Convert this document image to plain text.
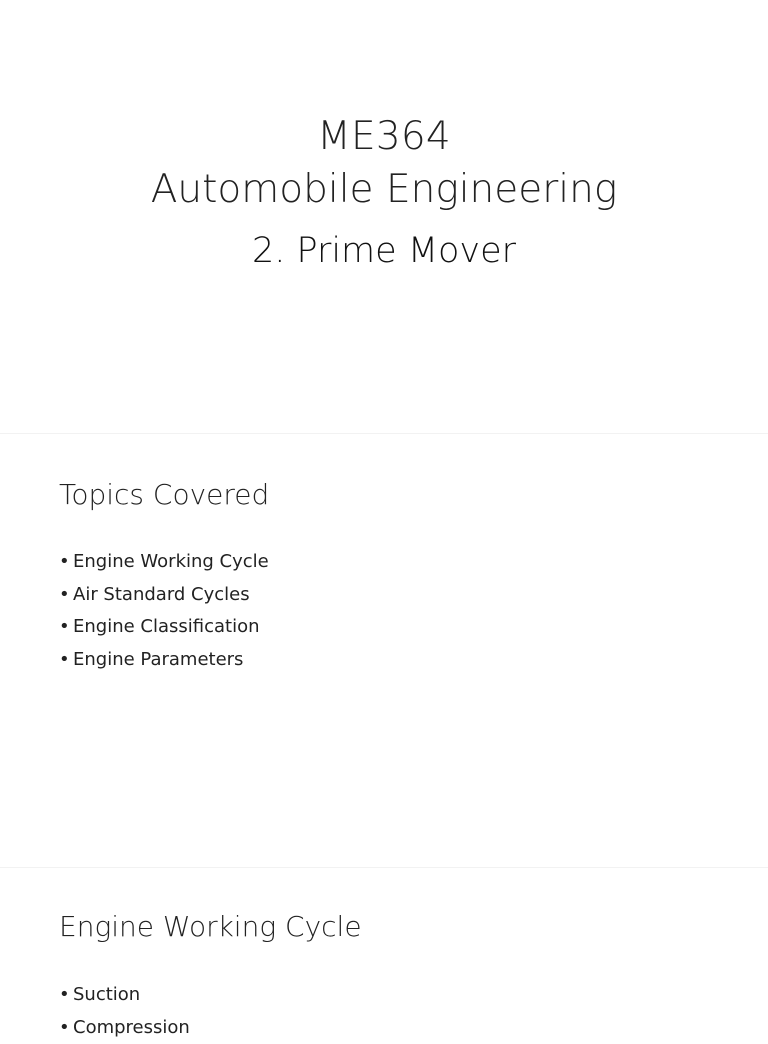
ME364
Automobile Engineering
2. Prime Mover
Topics Covered
• Engine Working Cycle
• Air Standard Cycles
• Engine Classification
• Engine Parameters
Engine Working Cycle
• Suction
• Compression
